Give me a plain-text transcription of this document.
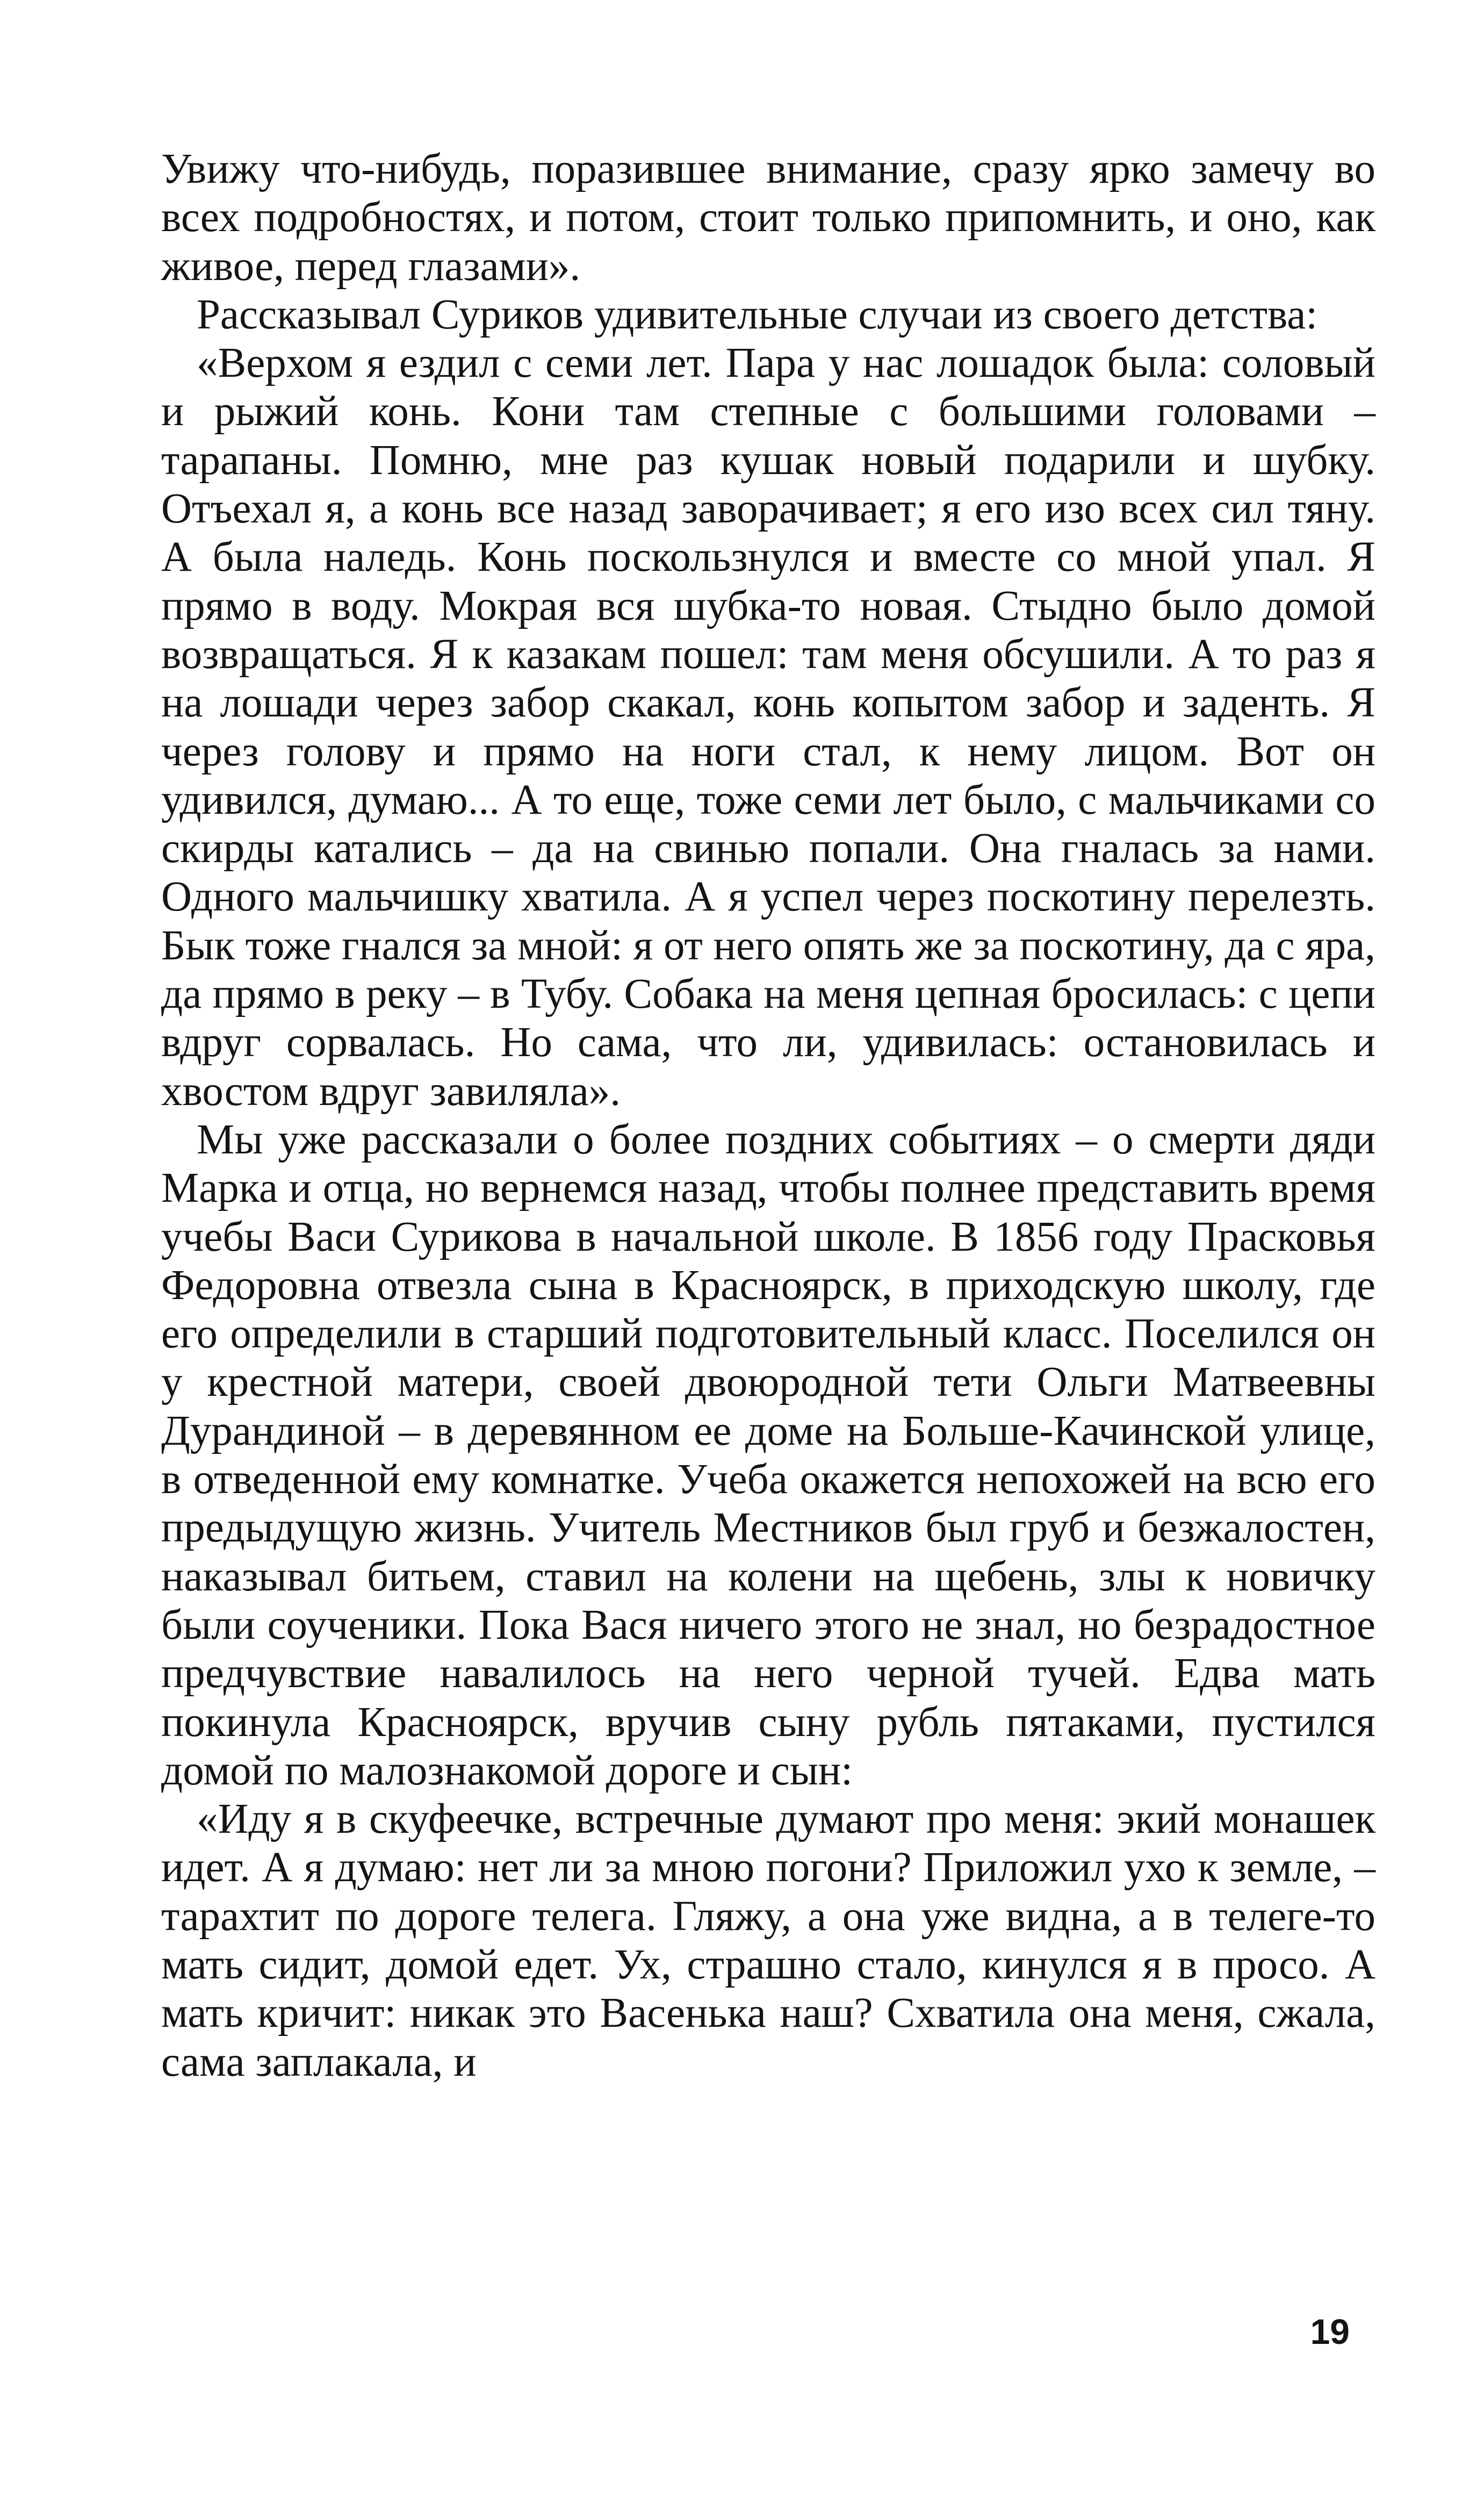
Увижу что-нибудь, поразившее внимание, сразу ярко замечу во всех подробностях, и потом, стоит только припомнить, и оно, как живое, перед глазами».

Рассказывал Суриков удивительные случаи из своего детства:

«Верхом я ездил с семи лет. Пара у нас лошадок была: соловый и рыжий конь. Кони там степные с большими головами – тарапаны. Помню, мне раз кушак новый подарили и шубку. Отъехал я, а конь все назад заворачивает; я его изо всех сил тяну. А была наледь. Конь поскользнулся и вместе со мной упал. Я прямо в воду. Мокрая вся шубка-то новая. Стыдно было домой возвращаться. Я к казакам пошел: там меня обсушили. А то раз я на лошади через забор скакал, конь копытом забор и заденть. Я через голову и прямо на ноги стал, к нему лицом. Вот он удивился, думаю... А то еще, тоже семи лет было, с мальчиками со скирды катались – да на свинью попали. Она гналась за нами. Одного мальчишку хватила. А я успел через поскотину перелезть. Бык тоже гнался за мной: я от него опять же за поскотину, да с яра, да прямо в реку – в Тубу. Собака на меня цепная бросилась: с цепи вдруг сорвалась. Но сама, что ли, удивилась: остановилась и хвостом вдруг завиляла».

Мы уже рассказали о более поздних событиях – о смерти дяди Марка и отца, но вернемся назад, чтобы полнее представить время учебы Васи Сурикова в начальной школе. В 1856 году Прасковья Федоровна отвезла сына в Красноярск, в приходскую школу, где его определили в старший подготовительный класс. Поселился он у крестной матери, своей двоюродной тети Ольги Матвеевны Дурандиной – в деревянном ее доме на Больше-Качинской улице, в отведенной ему комнатке. Учеба окажется непохожей на всю его предыдущую жизнь. Учитель Местников был груб и безжалостен, наказывал битьем, ставил на колени на щебень, злы к новичку были соученики. Пока Вася ничего этого не знал, но безрадостное предчувствие навалилось на него черной тучей. Едва мать покинула Красноярск, вручив сыну рубль пятаками, пустился домой по малознакомой дороге и сын:

«Иду я в скуфеечке, встречные думают про меня: экий монашек идет. А я думаю: нет ли за мною погони? Приложил ухо к земле, – тарахтит по дороге телега. Гляжу, а она уже видна, а в телеге-то мать сидит, домой едет. Ух, страшно стало, кинулся я в просо. А мать кричит: никак это Васенька наш? Схватила она меня, сжала, сама заплакала, и

19
